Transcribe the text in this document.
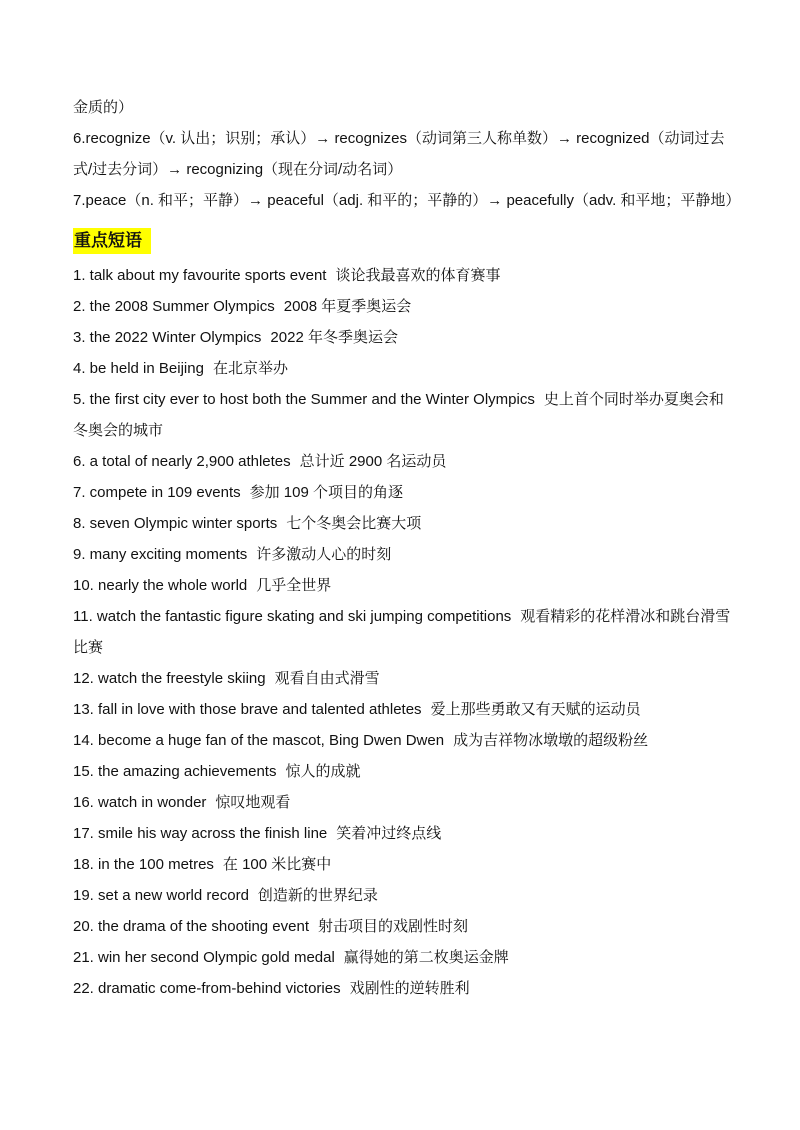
金质的）
6.recognize（v. 认出；识别；承认）→ recognizes（动词第三人称单数）→ recognized（动词过去式/过去分词）→ recognizing（现在分词/动名词）
7.peace（n. 和平；平静）→ peaceful（adj. 和平的；平静的）→ peacefully（adv. 和平地；平静地）
重点短语
1. talk about my favourite sports event 谈论我最喜欢的体育赛事
2. the 2008 Summer Olympics 2008 年夏季奥运会
3. the 2022 Winter Olympics 2022 年冬季奥运会
4. be held in Beijing 在北京举办
5. the first city ever to host both the Summer and the Winter Olympics 史上首个同时举办夏奥会和冬奥会的城市
6. a total of nearly 2,900 athletes 总计近 2900 名运动员
7. compete in 109 events 参加 109 个项目的角逐
8. seven Olympic winter sports 七个冬奥会比赛大项
9. many exciting moments 许多激动人心的时刻
10. nearly the whole world 几乎全世界
11. watch the fantastic figure skating and ski jumping competitions 观看精彩的花样滑冰和跳台滑雪比赛
12. watch the freestyle skiing 观看自由式滑雪
13. fall in love with those brave and talented athletes 爱上那些勇敢又有天赋的运动员
14. become a huge fan of the mascot, Bing Dwen Dwen 成为吉祥物冰墩墩的超级粉丝
15. the amazing achievements 惊人的成就
16. watch in wonder 惊叹地观看
17. smile his way across the finish line 笑着冲过终点线
18. in the 100 metres 在 100 米比赛中
19. set a new world record 创造新的世界纪录
20. the drama of the shooting event 射击项目的戏剧性时刻
21. win her second Olympic gold medal 赢得她的第二枚奥运金牌
22. dramatic come-from-behind victories 戏剧性的逆转胜利
